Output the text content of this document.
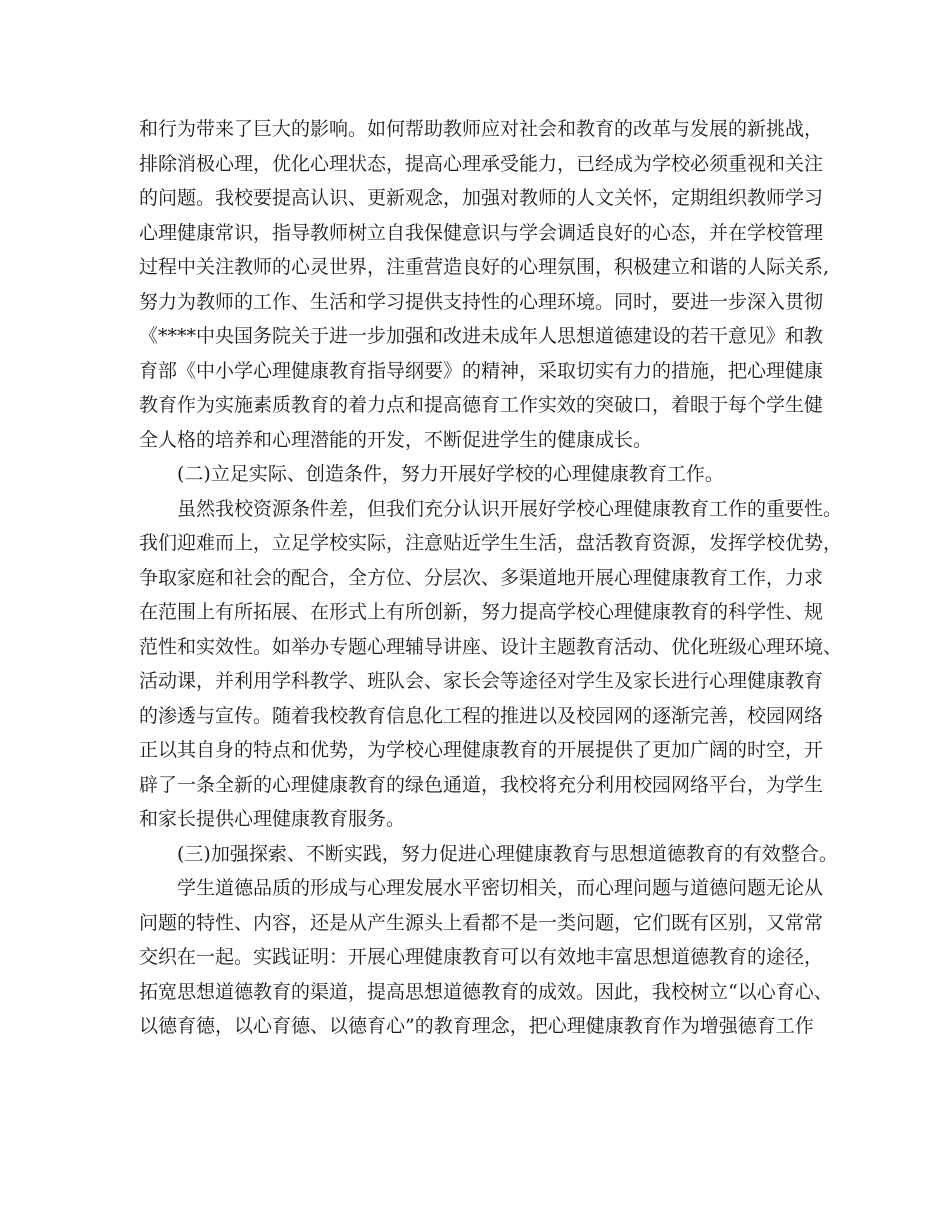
和行为带来了巨大的影响。如何帮助教师应对社会和教育的改革与发展的新挑战，
排除消极心理，优化心理状态，提高心理承受能力，已经成为学校必须重视和关注
的问题。我校要提高认识、更新观念，加强对教师的人文关怀，定期组织教师学习
心理健康常识，指导教师树立自我保健意识与学会调适良好的心态，并在学校管理
过程中关注教师的心灵世界，注重营造良好的心理氛围，积极建立和谐的人际关系,
努力为教师的工作、生活和学习提供支持性的心理环境。同时，要进一步深入贯彻
《****中央国务院关于进一步加强和改进未成年人思想道德建设的若干意见》和教
育部《中小学心理健康教育指导纲要》的精神，采取切实有力的措施，把心理健康
教育作为实施素质教育的着力点和提高德育工作实效的突破口，着眼于每个学生健
全人格的培养和心理潜能的开发，不断促进学生的健康成长。
(二)立足实际、创造条件，努力开展好学校的心理健康教育工作。
虽然我校资源条件差，但我们充分认识开展好学校心理健康教育工作的重要性。
我们迎难而上，立足学校实际，注意贴近学生生活，盘活教育资源，发挥学校优势，
争取家庭和社会的配合，全方位、分层次、多渠道地开展心理健康教育工作，力求
在范围上有所拓展、在形式上有所创新，努力提高学校心理健康教育的科学性、规
范性和实效性。如举办专题心理辅导讲座、设计主题教育活动、优化班级心理环境、
活动课，并利用学科教学、班队会、家长会等途径对学生及家长进行心理健康教育
的渗透与宣传。随着我校教育信息化工程的推进以及校园网的逐渐完善，校园网络
正以其自身的特点和优势，为学校心理健康教育的开展提供了更加广阔的时空，开
辟了一条全新的心理健康教育的绿色通道，我校将充分利用校园网络平台，为学生
和家长提供心理健康教育服务。
(三)加强探索、不断实践，努力促进心理健康教育与思想道德教育的有效整合。
学生道德品质的形成与心理发展水平密切相关，而心理问题与道德问题无论从
问题的特性、内容，还是从产生源头上看都不是一类问题，它们既有区别，又常常
交织在一起。实践证明：开展心理健康教育可以有效地丰富思想道德教育的途径，
拓宽思想道德教育的渠道，提高思想道德教育的成效。因此，我校树立“以心育心、
以德育德，以心育德、以德育心”的教育理念，把心理健康教育作为增强德育工作
